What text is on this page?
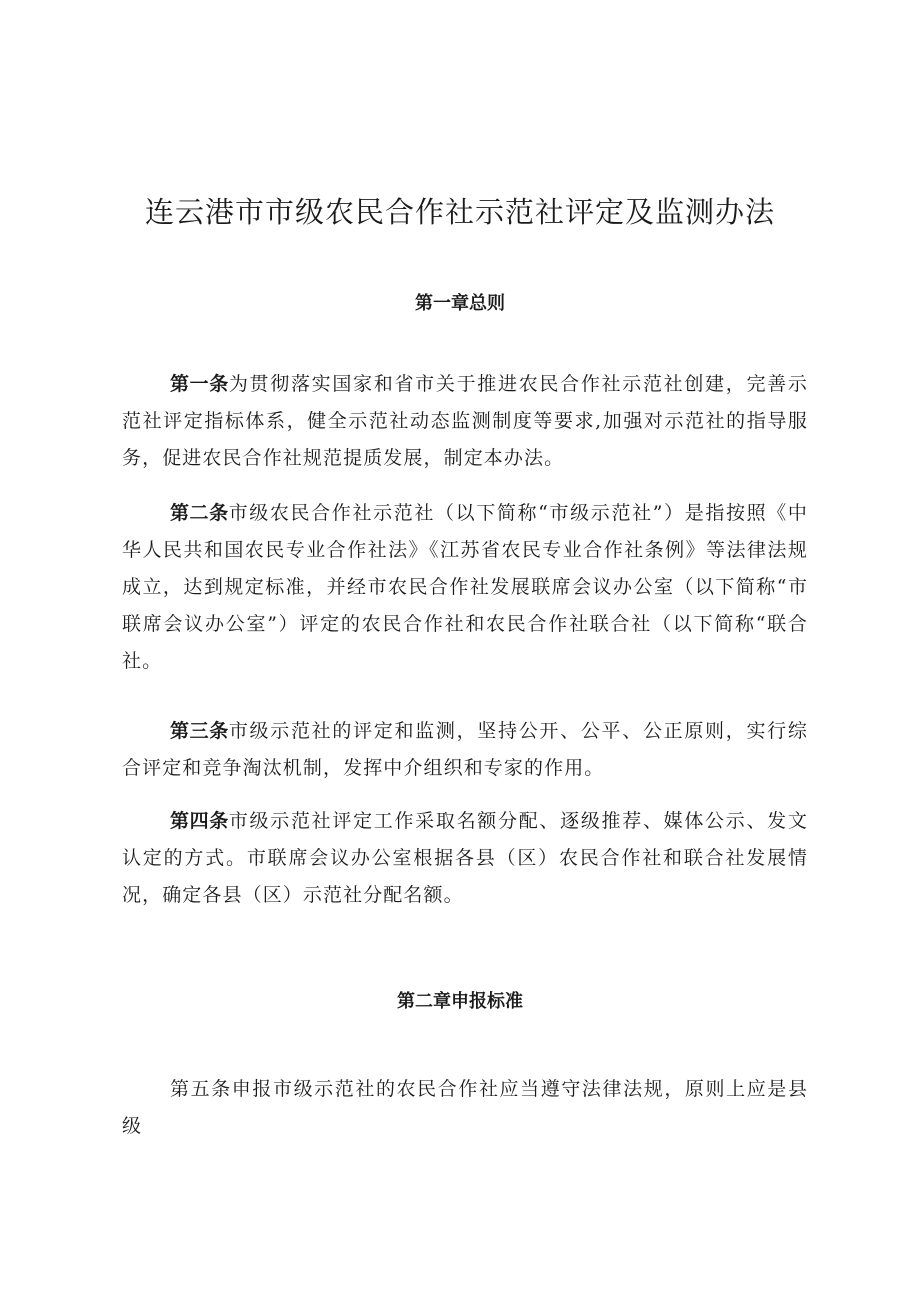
连云港市市级农民合作社示范社评定及监测办法
第一章总则

第一条为贯彻落实国家和省市关于推进农民合作社示范社创建，完善示范社评定指标体系，健全示范社动态监测制度等要求,加强对示范社的指导服务，促进农民合作社规范提质发展，制定本办法。

第二条市级农民合作社示范社（以下简称“市级示范社”）是指按照《中华人民共和国农民专业合作社法》《江苏省农民专业合作社条例》等法律法规成立，达到规定标准，并经市农民合作社发展联席会议办公室（以下简称“市联席会议办公室”）评定的农民合作社和农民合作社联合社（以下简称“联合社。

第三条市级示范社的评定和监测，坚持公开、公平、公正原则，实行综合评定和竞争淘汰机制，发挥中介组织和专家的作用。

第四条市级示范社评定工作采取名额分配、逐级推荐、媒体公示、发文认定的方式。市联席会议办公室根据各县（区）农民合作社和联合社发展情况，确定各县（区）示范社分配名额。

第二章申报标准

第五条申报市级示范社的农民合作社应当遵守法律法规，原则上应是县级
